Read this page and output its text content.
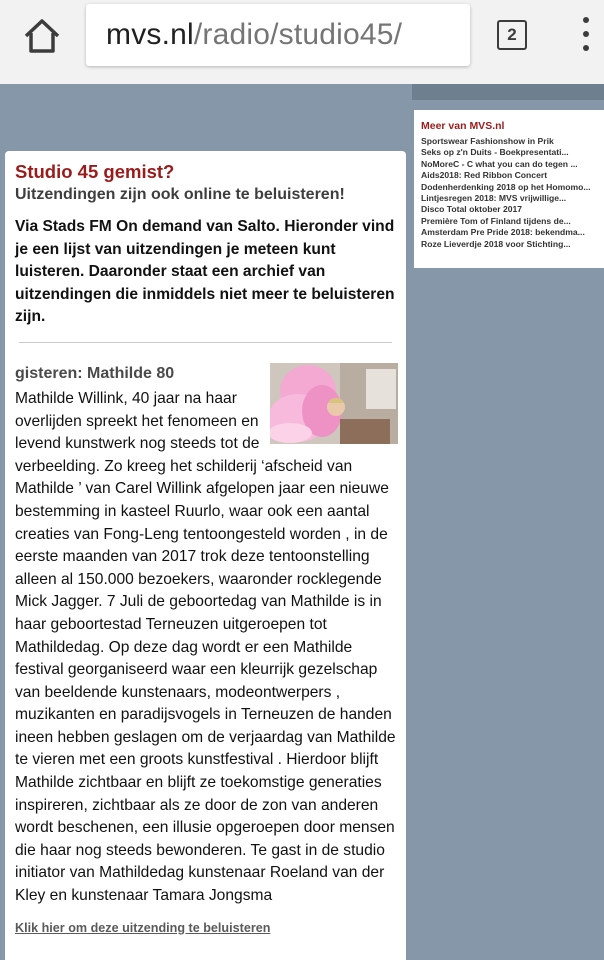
mvs.nl/radio/studio45/	2
Meer van MVS.nl
Sportswear Fashionshow in Prik
Seks op z'n Duits - Boekpresentati...
NoMoreC - C what you can do tegen ...
Aids2018: Red Ribbon Concert
Dodenherdenking 2018 op het Homomo...
Lintjesregen 2018: MVS vrijwillige...
Disco Total oktober 2017
Première Tom of Finland tijdens de...
Amsterdam Pre Pride 2018: bekendma...
Roze Lieverdje 2018 voor Stichting...
Studio 45 gemist?
Uitzendingen zijn ook online te beluisteren!
Via Stads FM On demand van Salto. Hieronder vind je een lijst van uitzendingen je meteen kunt luisteren. Daaronder staat een archief van uitzendingen die inmiddels niet meer te beluisteren zijn.
gisteren: Mathilde 80
Mathilde Willink, 40 jaar na haar overlijden spreekt het fenomeen en levend kunstwerk nog steeds tot de verbeelding. Zo kreeg het schilderij ‘afscheid van Mathilde ’ van Carel Willink afgelopen jaar een nieuwe bestemming in kasteel Ruurlo, waar ook een aantal creaties van Fong-Leng tentoongesteld worden , in de eerste maanden van 2017 trok deze tentoonstelling alleen al 150.000 bezoekers, waaronder rocklegende Mick Jagger. 7 Juli de geboortedag van Mathilde is in haar geboortestad Terneuzen uitgeroepen tot Mathildedag. Op deze dag wordt er een Mathilde festival georganiseerd waar een kleurrijk gezelschap van beeldende kunstenaars, modeontwerpers , muzikanten en paradijsvogels in Terneuzen de handen ineen hebben geslagen om de verjaardag van Mathilde te vieren met een groots kunstfestival . Hierdoor blijft Mathilde zichtbaar en blijft ze toekomstige generaties inspireren, zichtbaar als ze door de zon van anderen wordt beschenen, een illusie opgeroepen door mensen die haar nog steeds bewonderen. Te gast in de studio initiator van Mathildedag kunstenaar Roeland van der Kley en kunstenaar Tamara Jongsma
Klik hier om deze uitzending te beluisteren
